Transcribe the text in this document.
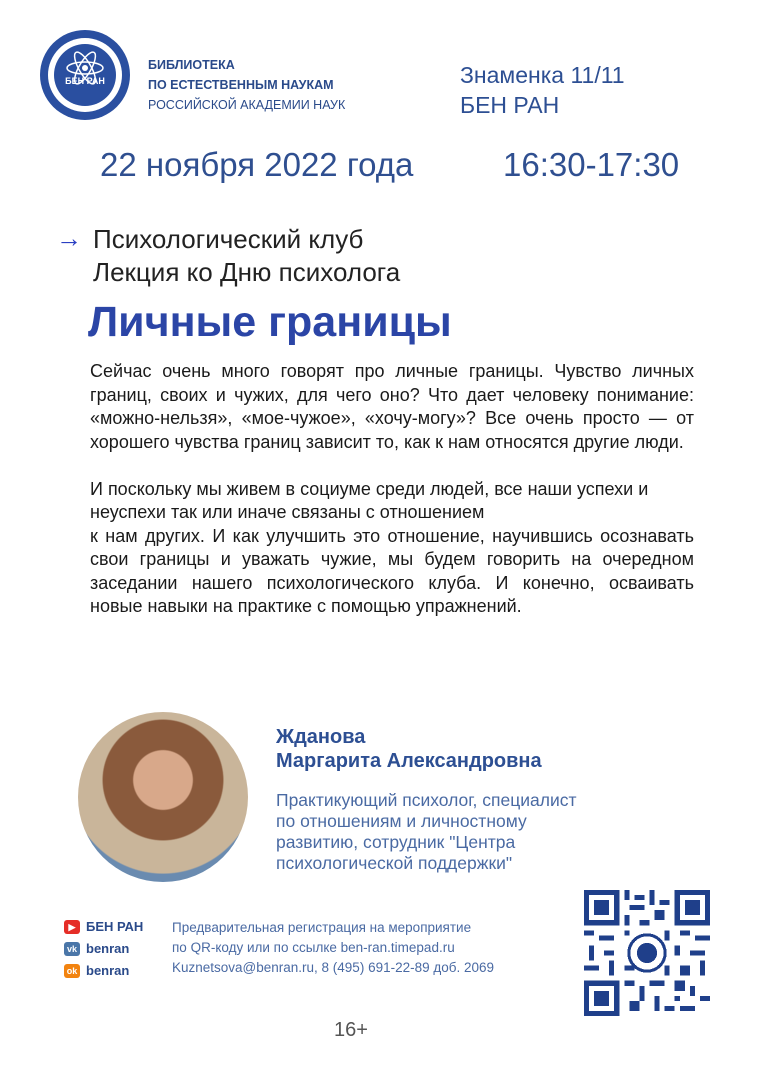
БЕН РАН
БИБЛИОТЕКА
ПО ЕСТЕСТВЕННЫМ НАУКАМ
РОССИЙСКОЙ АКАДЕМИИ НАУК
Знаменка 11/11
БЕН РАН
22 ноября 2022 года	16:30-17:30
→ Психологический клуб
Лекция ко Дню психолога
Личные границы

Сейчас очень много говорят про личные границы. Чувство личных границ, своих и чужих, для чего оно? Что дает человеку понимание: «можно-нельзя», «мое-чужое», «хочу-могу»? Все очень просто — от хорошего чувства границ зависит то, как к нам относятся другие люди.

И поскольку мы живем в социуме среди людей, все наши успехи и неуспехи так или иначе связаны с отношением

к нам других. И как улучшить это отношение, научившись осознавать свои границы и уважать чужие, мы будем говорить на очередном заседании нашего психологического клуба. И конечно, осваивать новые навыки на практике с помощью упражнений.

Жданова
Маргарита Александровна
Практикующий психолог, специалист
по отношениям и личностному
развитию, сотрудник "Центра
психологической поддержки"
▶ БЕН РАН
vk benran
ok benran
Предварительная регистрация на мероприятие
по QR-коду или по ссылке ben-ran.timepad.ru
Kuznetsova@benran.ru, 8 (495) 691-22-89 доб. 2069
16+
